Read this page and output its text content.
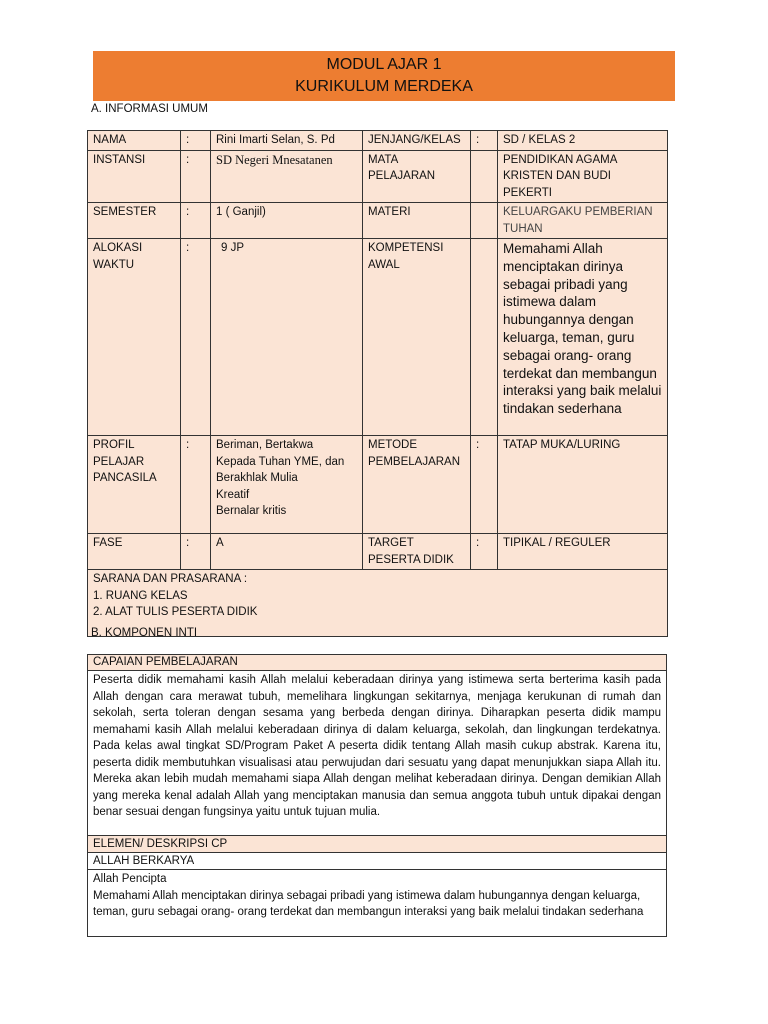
MODUL AJAR 1
KURIKULUM MERDEKA
A. INFORMASI UMUM
NAMA	:	Rini Imarti Selan, S. Pd	JENJANG/KELAS	:	SD / KELAS 2
INSTANSI	:	SD Negeri Mnesatanen	MATA PELAJARAN		PENDIDIKAN AGAMA KRISTEN DAN BUDI PEKERTI
SEMESTER	:	1 ( Ganjil)	MATERI		KELUARGAKU PEMBERIAN TUHAN
ALOKASI WAKTU	:	9 JP	KOMPETENSI AWAL		Memahami Allah menciptakan dirinya sebagai pribadi yang istimewa dalam hubungannya dengan keluarga, teman, guru sebagai orang- orang terdekat dan membangun interaksi yang baik melalui tindakan sederhana
PROFIL PELAJAR PANCASILA	:	Beriman, Bertakwa
Kepada Tuhan YME, dan Berakhlak Mulia
Kreatif
Bernalar kritis	METODE PEMBELAJARAN	:	TATAP MUKA/LURING
FASE	:	A	TARGET PESERTA DIDIK	:	TIPIKAL / REGULER

SARANA DAN PRASARANA :
1. RUANG KELAS
2. ALAT TULIS PESERTA DIDIK					
B. KOMPONEN INTI
CAPAIAN PEMBELAJARAN
Peserta didik memahami kasih Allah melalui keberadaan dirinya yang istimewa serta berterima kasih pada Allah dengan cara merawat tubuh, memelihara lingkungan sekitarnya, menjaga kerukunan di rumah dan sekolah, serta toleran dengan sesama yang berbeda dengan dirinya. Diharapkan peserta didik mampu memahami kasih Allah melalui keberadaan dirinya di dalam keluarga, sekolah, dan lingkungan terdekatnya. Pada kelas awal tingkat SD/Program Paket A peserta didik tentang Allah masih cukup abstrak. Karena itu, peserta didik membutuhkan visualisasi atau perwujudan dari sesuatu yang dapat menunjukkan siapa Allah itu. Mereka akan lebih mudah memahami siapa Allah dengan melihat keberadaan dirinya. Dengan demikian Allah yang mereka kenal adalah Allah yang menciptakan manusia dan semua anggota tubuh untuk dipakai dengan benar sesuai dengan fungsinya yaitu untuk tujuan mulia.
ELEMEN/ DESKRIPSI CP
ALLAH BERKARYA

Allah Pencipta
Memahami Allah menciptakan dirinya sebagai pribadi yang istimewa dalam hubungannya dengan keluarga, teman, guru sebagai orang- orang terdekat dan membangun interaksi yang baik melalui tindakan sederhana
